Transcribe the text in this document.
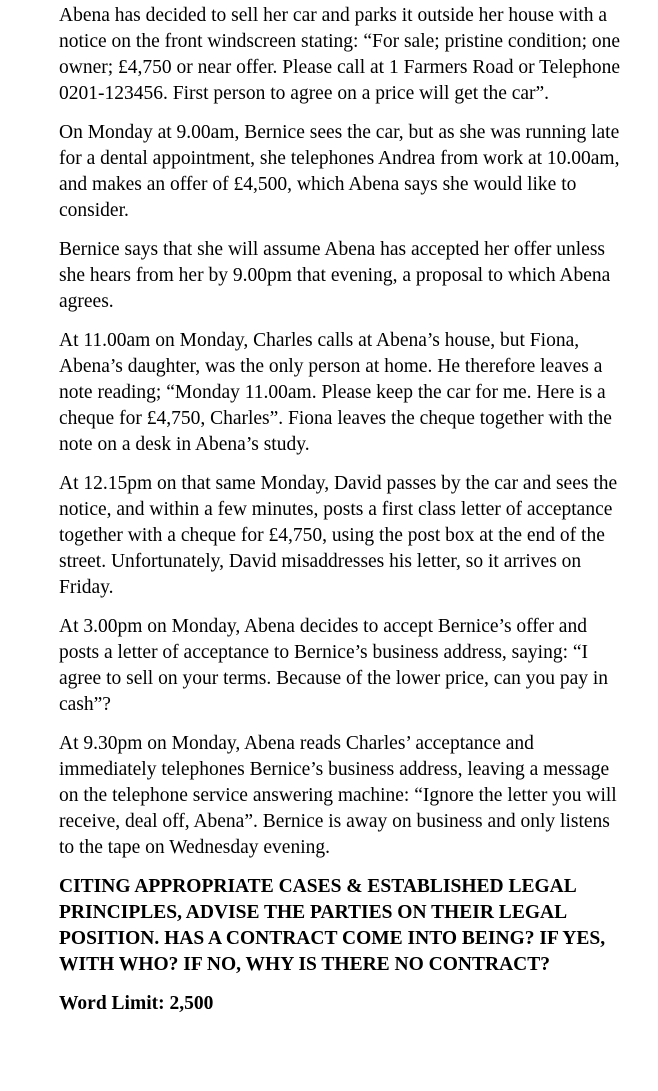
Abena has decided to sell her car and parks it outside her house with a notice on the front windscreen stating: “For sale; pristine condition; one owner; £4,750 or near offer. Please call at 1 Farmers Road or Telephone 0201-123456. First person to agree on a price will get the car”.

On Monday at 9.00am, Bernice sees the car, but as she was running late for a dental appointment, she telephones Andrea from work at 10.00am, and makes an offer of £4,500, which Abena says she would like to consider.

Bernice says that she will assume Abena has accepted her offer unless she hears from her by 9.00pm that evening, a proposal to which Abena agrees.

At 11.00am on Monday, Charles calls at Abena’s house, but Fiona, Abena’s daughter, was the only person at home. He therefore leaves a note reading; “Monday 11.00am. Please keep the car for me. Here is a cheque for £4,750, Charles”. Fiona leaves the cheque together with the note on a desk in Abena’s study.

At 12.15pm on that same Monday, David passes by the car and sees the notice, and within a few minutes, posts a first class letter of acceptance together with a cheque for £4,750, using the post box at the end of the street. Unfortunately, David misaddresses his letter, so it arrives on Friday.

At 3.00pm on Monday, Abena decides to accept Bernice’s offer and posts a letter of acceptance to Bernice’s business address, saying: “I agree to sell on your terms. Because of the lower price, can you pay in cash”?

At 9.30pm on Monday, Abena reads Charles’ acceptance and immediately telephones Bernice’s business address, leaving a message on the telephone service answering machine: “Ignore the letter you will receive, deal off, Abena”. Bernice is away on business and only listens to the tape on Wednesday evening.

CITING APPROPRIATE CASES & ESTABLISHED LEGAL PRINCIPLES, ADVISE THE PARTIES ON THEIR LEGAL POSITION. HAS A CONTRACT COME INTO BEING? IF YES, WITH WHO? IF NO, WHY IS THERE NO CONTRACT?

Word Limit: 2,500
